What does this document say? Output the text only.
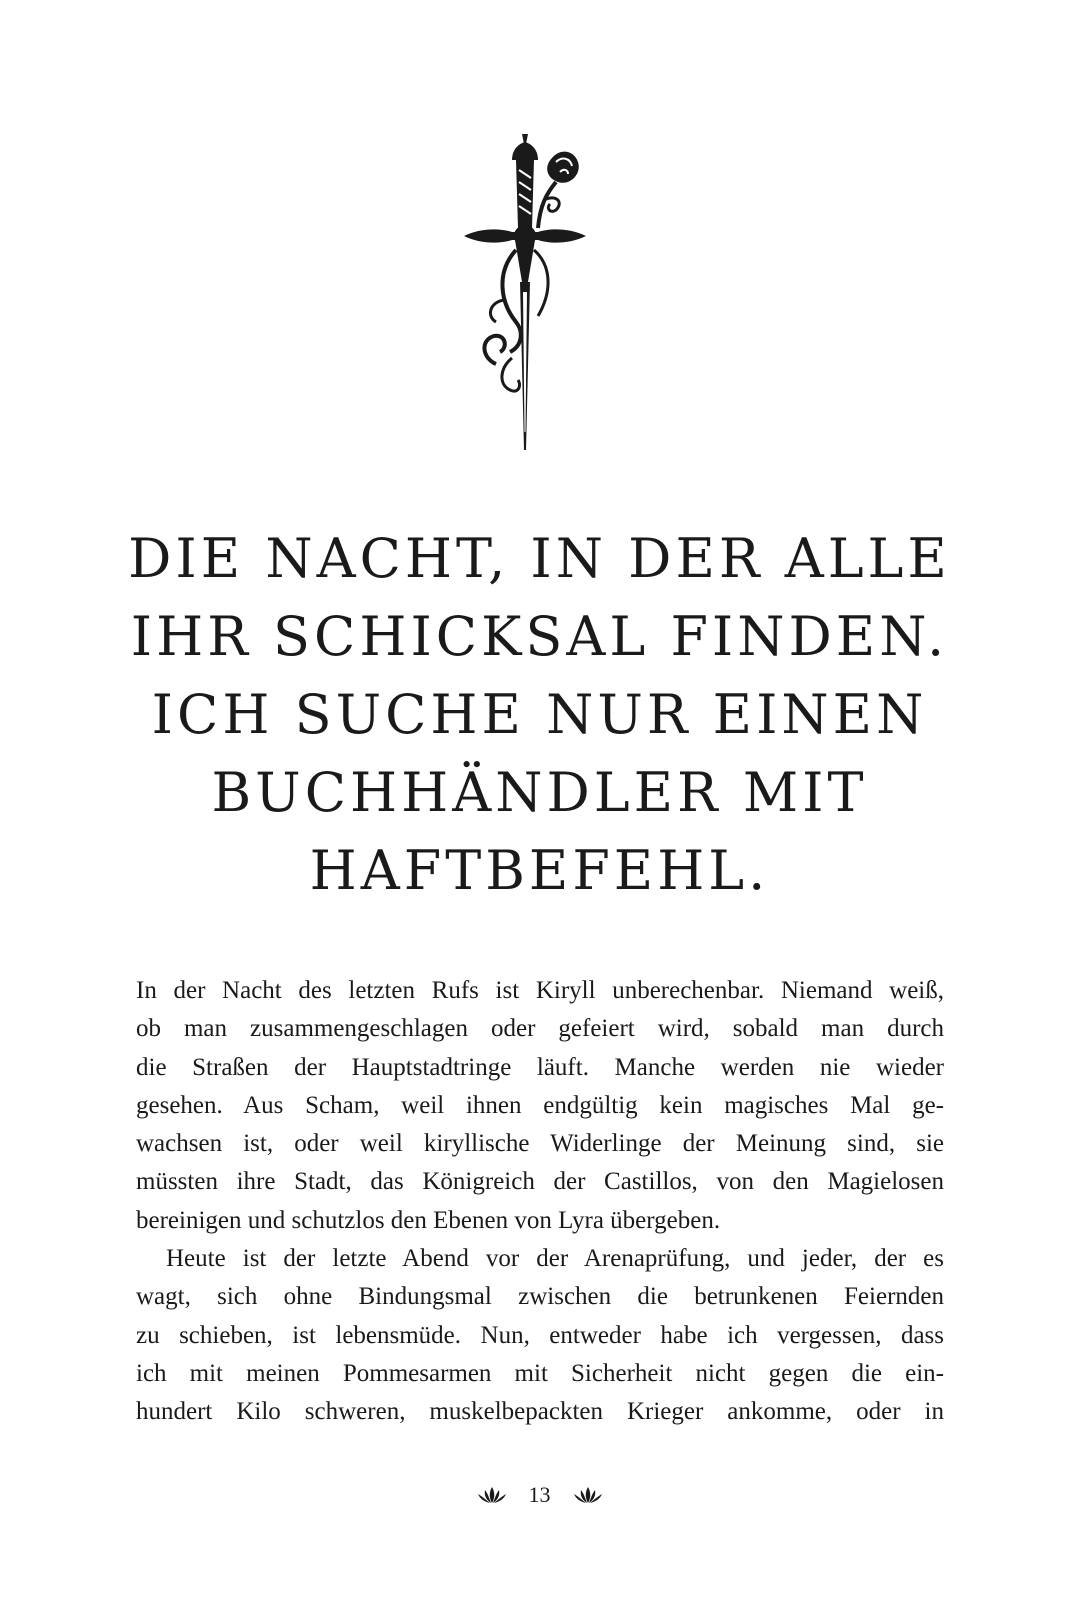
DIE NACHT, IN DER ALLE
IHR SCHICKSAL FINDEN.
ICH SUCHE NUR EINEN
BUCHHÄNDLER MIT
HAFTBEFEHL.
In der Nacht des letzten Rufs ist Kiryll unberechenbar. Niemand weiß,
ob man zusammengeschlagen oder gefeiert wird, sobald man durch
die Straßen der Hauptstadtringe läuft. Manche werden nie wieder
gesehen. Aus Scham, weil ihnen endgültig kein magisches Mal ge-
wachsen ist, oder weil kiryllische Widerlinge der Meinung sind, sie
müssten ihre Stadt, das Königreich der Castillos, von den Magielosen
bereinigen und schutzlos den Ebenen von Lyra übergeben.
Heute ist der letzte Abend vor der Arenaprüfung, und jeder, der es
wagt, sich ohne Bindungsmal zwischen die betrunkenen Feiernden
zu schieben, ist lebensmüde. Nun, entweder habe ich vergessen, dass
ich mit meinen Pommesarmen mit Sicherheit nicht gegen die ein-
hundert Kilo schweren, muskelbepackten Krieger ankomme, oder in
13
